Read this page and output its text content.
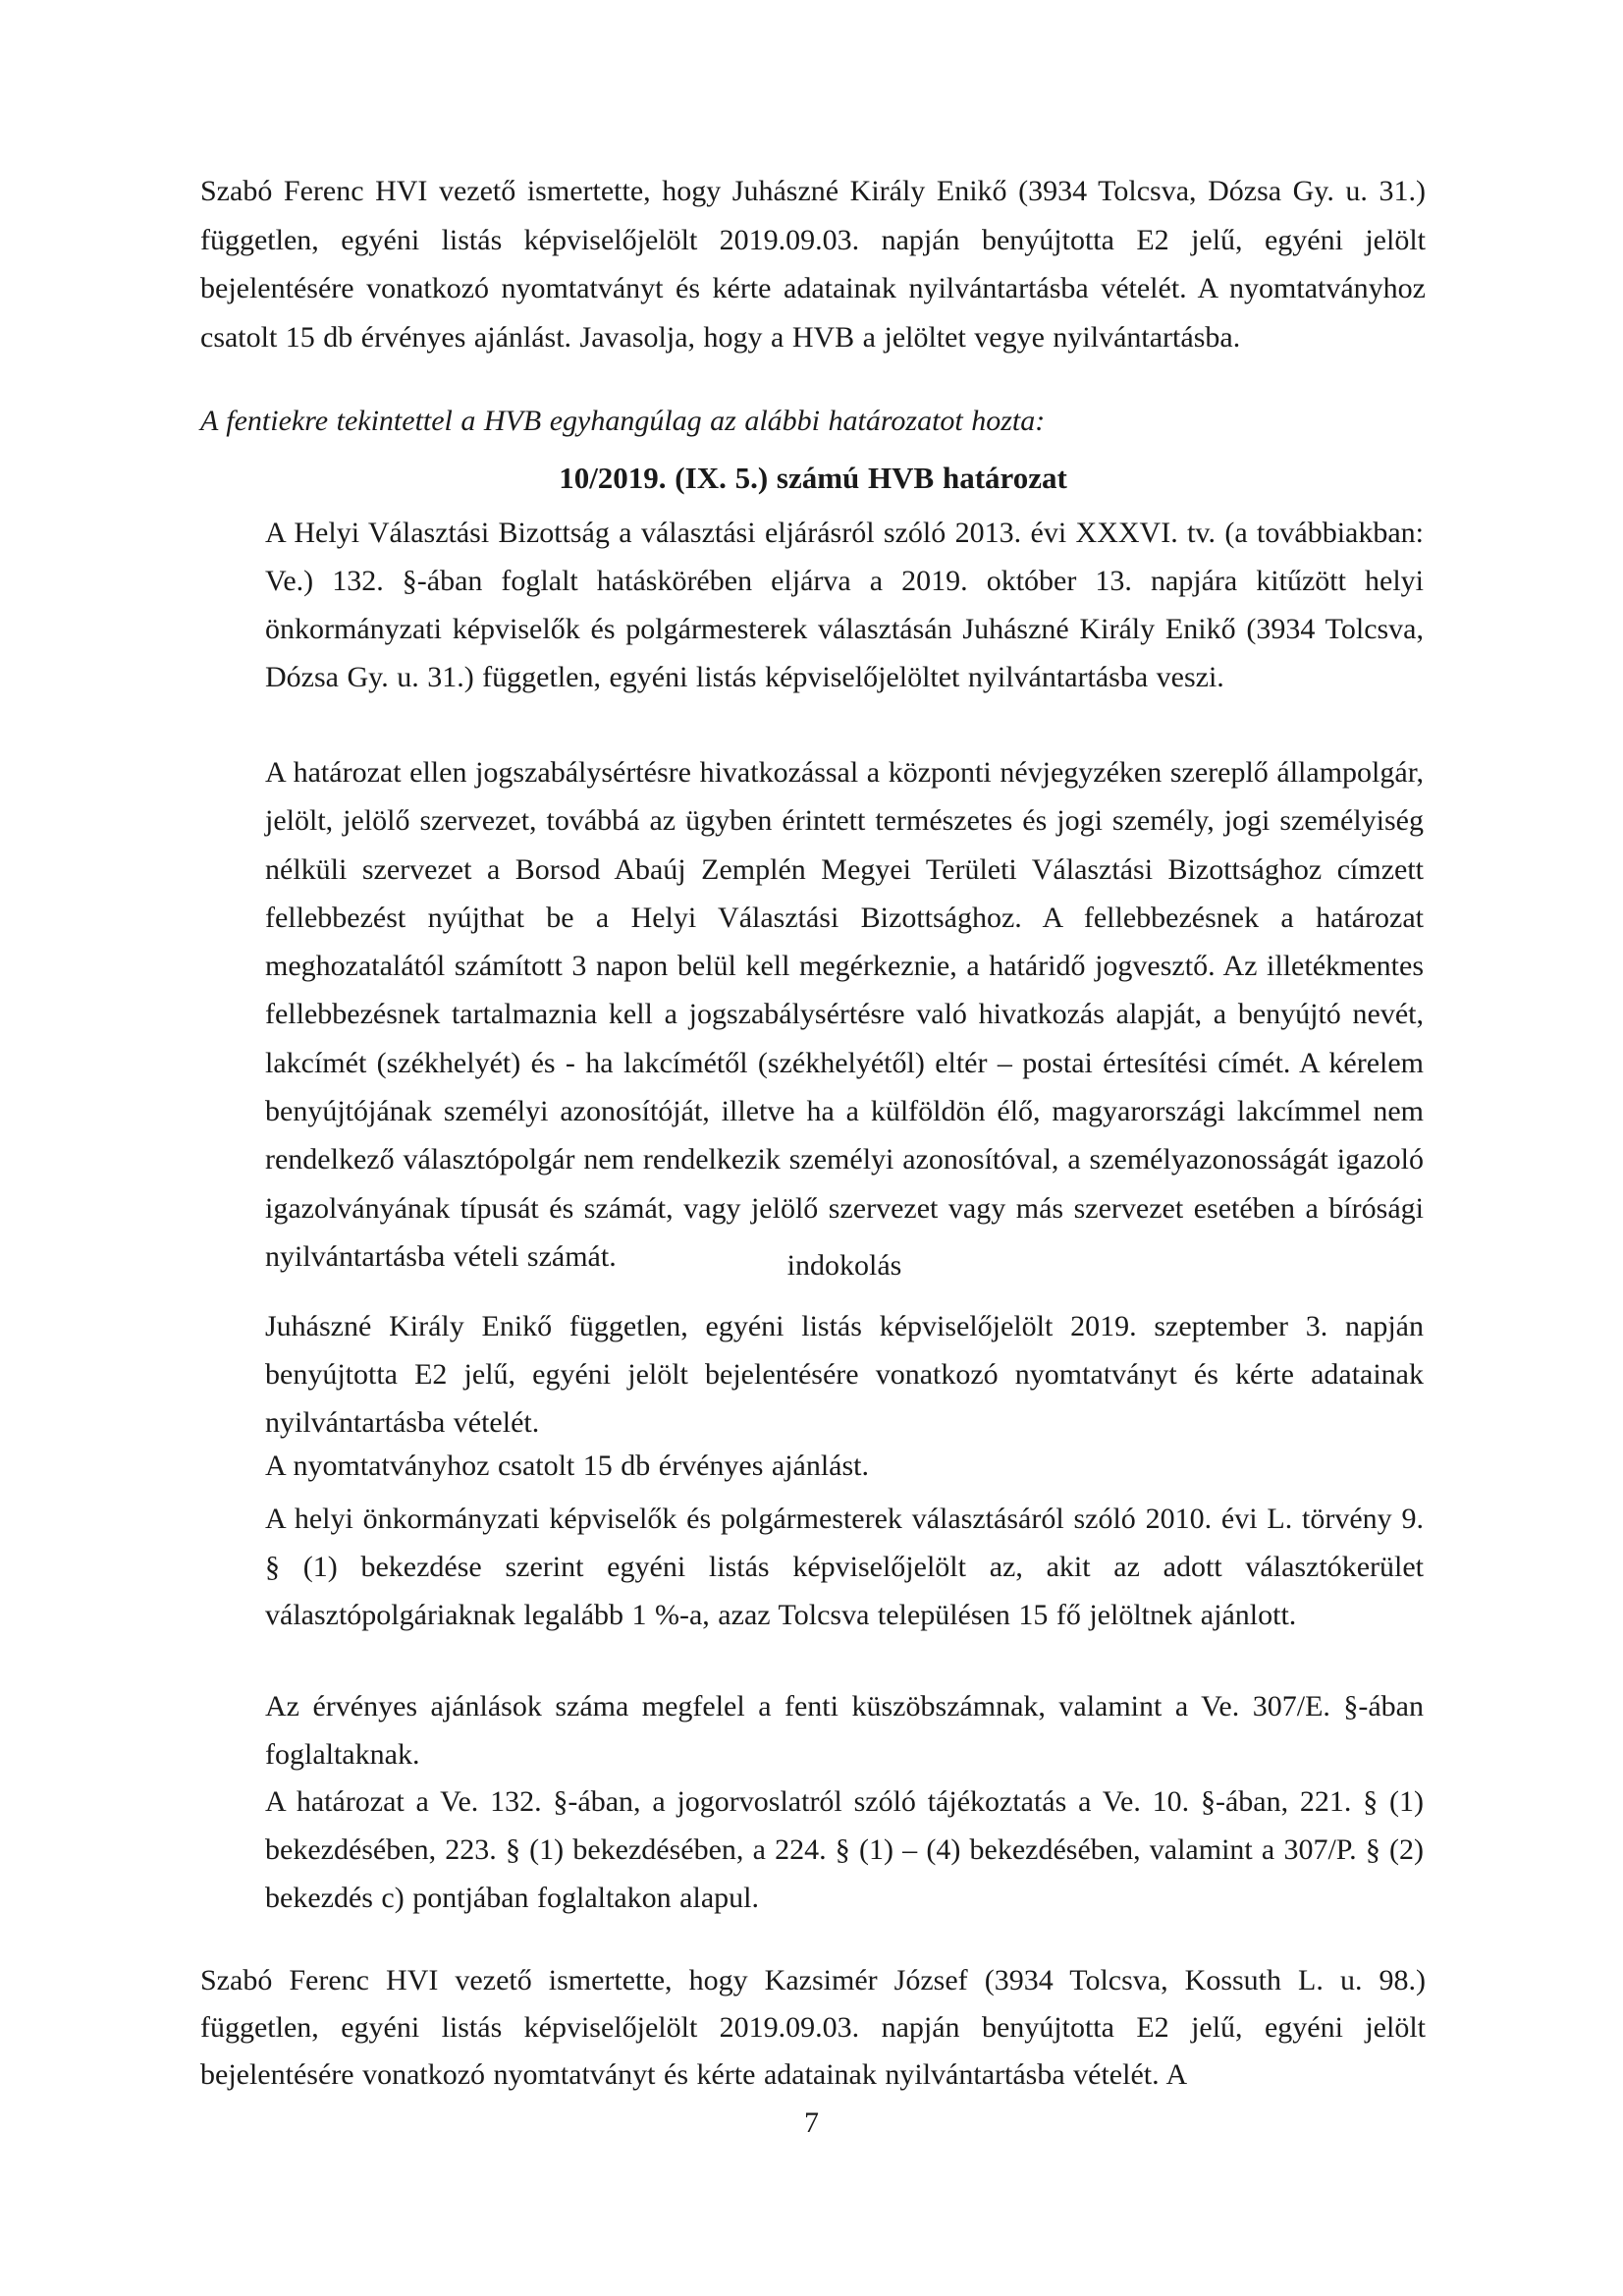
Szabó Ferenc HVI vezető ismertette, hogy Juhászné Király Enikő (3934 Tolcsva, Dózsa Gy. u. 31.) független, egyéni listás képviselőjelölt 2019.09.03. napján benyújtotta E2 jelű, egyéni jelölt bejelentésére vonatkozó nyomtatványt és kérte adatainak nyilvántartásba vételét. A nyomtatványhoz csatolt 15 db érvényes ajánlást. Javasolja, hogy a HVB a jelöltet vegye nyilvántartásba.

A fentiekre tekintettel a HVB egyhangúlag az alábbi határozatot hozta:

10/2019. (IX. 5.) számú HVB határozat

A Helyi Választási Bizottság a választási eljárásról szóló 2013. évi XXXVI. tv. (a továbbiakban: Ve.) 132. §-ában foglalt hatáskörében eljárva a 2019. október 13. napjára kitűzött helyi önkormányzati képviselők és polgármesterek választásán Juhászné Király Enikő (3934 Tolcsva, Dózsa Gy. u. 31.) független, egyéni listás képviselőjelöltet nyilvántartásba veszi.

A határozat ellen jogszabálysértésre hivatkozással a központi névjegyzéken szereplő állampolgár, jelölt, jelölő szervezet, továbbá az ügyben érintett természetes és jogi személy, jogi személyiség nélküli szervezet a Borsod Abaúj Zemplén Megyei Területi Választási Bizottsághoz címzett fellebbezést nyújthat be a Helyi Választási Bizottsághoz. A fellebbezésnek a határozat meghozatalától számított 3 napon belül kell megérkeznie, a határidő jogvesztő. Az illetékmentes fellebbezésnek tartalmaznia kell a jogszabálysértésre való hivatkozás alapját, a benyújtó nevét, lakcímét (székhelyét) és - ha lakcímétől (székhelyétől) eltér – postai értesítési címét. A kérelem benyújtójának személyi azonosítóját, illetve ha a külföldön élő, magyarországi lakcímmel nem rendelkező választópolgár nem rendelkezik személyi azonosítóval, a személyazonosságát igazoló igazolványának típusát és számát, vagy jelölő szervezet vagy más szervezet esetében a bírósági nyilvántartásba vételi számát.	indokolás

Juhászné Király Enikő független, egyéni listás képviselőjelölt 2019. szeptember 3. napján benyújtotta E2 jelű, egyéni jelölt bejelentésére vonatkozó nyomtatványt és kérte adatainak nyilvántartásba vételét.

A nyomtatványhoz csatolt 15 db érvényes ajánlást.

A helyi önkormányzati képviselők és polgármesterek választásáról szóló 2010. évi L. törvény 9. § (1) bekezdése szerint egyéni listás képviselőjelölt az, akit az adott választókerület választópolgáriaknak legalább 1 %-a, azaz Tolcsva településen 15 fő jelöltnek ajánlott.

Az érvényes ajánlások száma megfelel a fenti küszöbszámnak, valamint a Ve. 307/E. §-ában foglaltaknak.

A határozat a Ve. 132. §-ában, a jogorvoslatról szóló tájékoztatás a Ve. 10. §-ában, 221. § (1) bekezdésében, 223. § (1) bekezdésében, a 224. § (1) – (4) bekezdésében, valamint a 307/P. § (2) bekezdés c) pontjában foglaltakon alapul.

Szabó Ferenc HVI vezető ismertette, hogy Kazsimér József (3934 Tolcsva, Kossuth L. u. 98.) független, egyéni listás képviselőjelölt 2019.09.03. napján benyújtotta E2 jelű, egyéni jelölt bejelentésére vonatkozó nyomtatványt és kérte adatainak nyilvántartásba vételét. A

7
